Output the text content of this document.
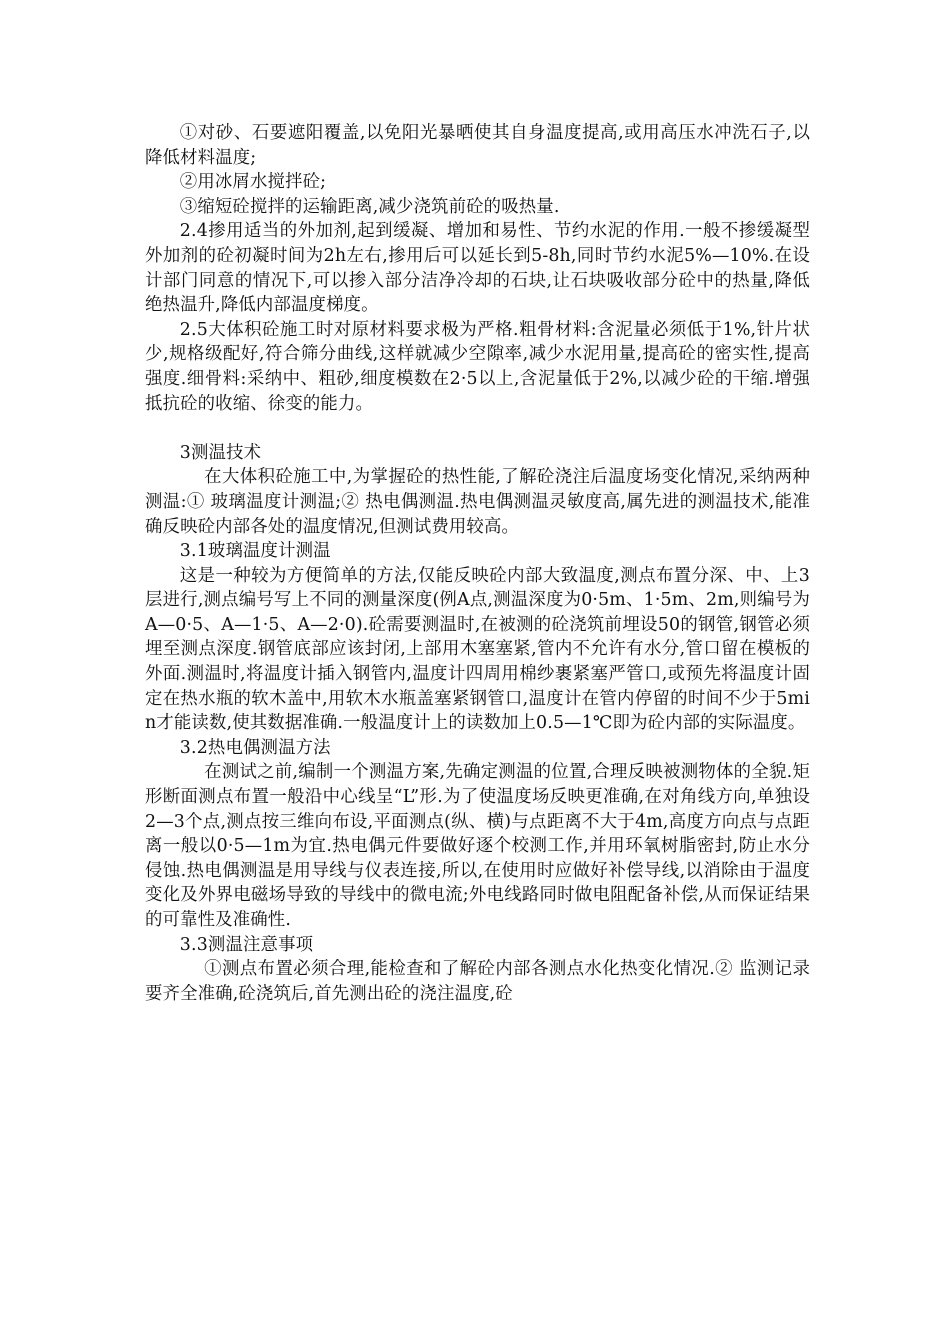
①对砂、石要遮阳覆盖,以免阳光暴晒使其自身温度提高,或用高压水冲洗石子,以降低材料温度;

②用冰屑水搅拌砼;

③缩短砼搅拌的运输距离,减少浇筑前砼的吸热量.

2.4掺用适当的外加剂,起到缓凝、增加和易性、节约水泥的作用.一般不掺缓凝型外加剂的砼初凝时间为2h左右,掺用后可以延长到5-8h,同时节约水泥5%—10%.在设计部门同意的情况下,可以掺入部分洁净冷却的石块,让石块吸收部分砼中的热量,降低绝热温升,降低内部温度梯度。

2.5大体积砼施工时对原材料要求极为严格.粗骨材料:含泥量必须低于1%,针片状少,规格级配好,符合筛分曲线,这样就减少空隙率,减少水泥用量,提高砼的密实性,提高强度.细骨料:采纳中、粗砂,细度模数在2·5以上,含泥量低于2%,以减少砼的干缩.增强抵抗砼的收缩、徐变的能力。

3测温技术

在大体积砼施工中,为掌握砼的热性能,了解砼浇注后温度场变化情况,采纳两种测温:① 玻璃温度计测温;② 热电偶测温.热电偶测温灵敏度高,属先进的测温技术,能准确反映砼内部各处的温度情况,但测试费用较高。

3.1玻璃温度计测温

这是一种较为方便简单的方法,仅能反映砼内部大致温度,测点布置分深、中、上3层进行,测点编号写上不同的测量深度(例A点,测温深度为0·5m、1·5m、2m,则编号为A—0·5、A—1·5、A—2·0).砼需要测温时,在被测的砼浇筑前埋设50的钢管,钢管必须埋至测点深度.钢管底部应该封闭,上部用木塞塞紧,管内不允许有水分,管口留在模板的外面.测温时,将温度计插入钢管内,温度计四周用棉纱裹紧塞严管口,或预先将温度计固定在热水瓶的软木盖中,用软木水瓶盖塞紧钢管口,温度计在管内停留的时间不少于5min才能读数,使其数据准确.一般温度计上的读数加上0.5—1℃即为砼内部的实际温度。

3.2热电偶测温方法

在测试之前,编制一个测温方案,先确定测温的位置,合理反映被测物体的全貌.矩形断面测点布置一般沿中心线呈“L”形.为了使温度场反映更准确,在对角线方向,单独设2—3个点,测点按三维向布设,平面测点(纵、横)与点距离不大于4m,高度方向点与点距离一般以0·5—1m为宜.热电偶元件要做好逐个校测工作,并用环氧树脂密封,防止水分侵蚀.热电偶测温是用导线与仪表连接,所以,在使用时应做好补偿导线,以消除由于温度变化及外界电磁场导致的导线中的微电流;外电线路同时做电阻配备补偿,从而保证结果的可靠性及准确性.

3.3测温注意事项

①测点布置必须合理,能检查和了解砼内部各测点水化热变化情况.② 监测记录要齐全准确,砼浇筑后,首先测出砼的浇注温度,砼
